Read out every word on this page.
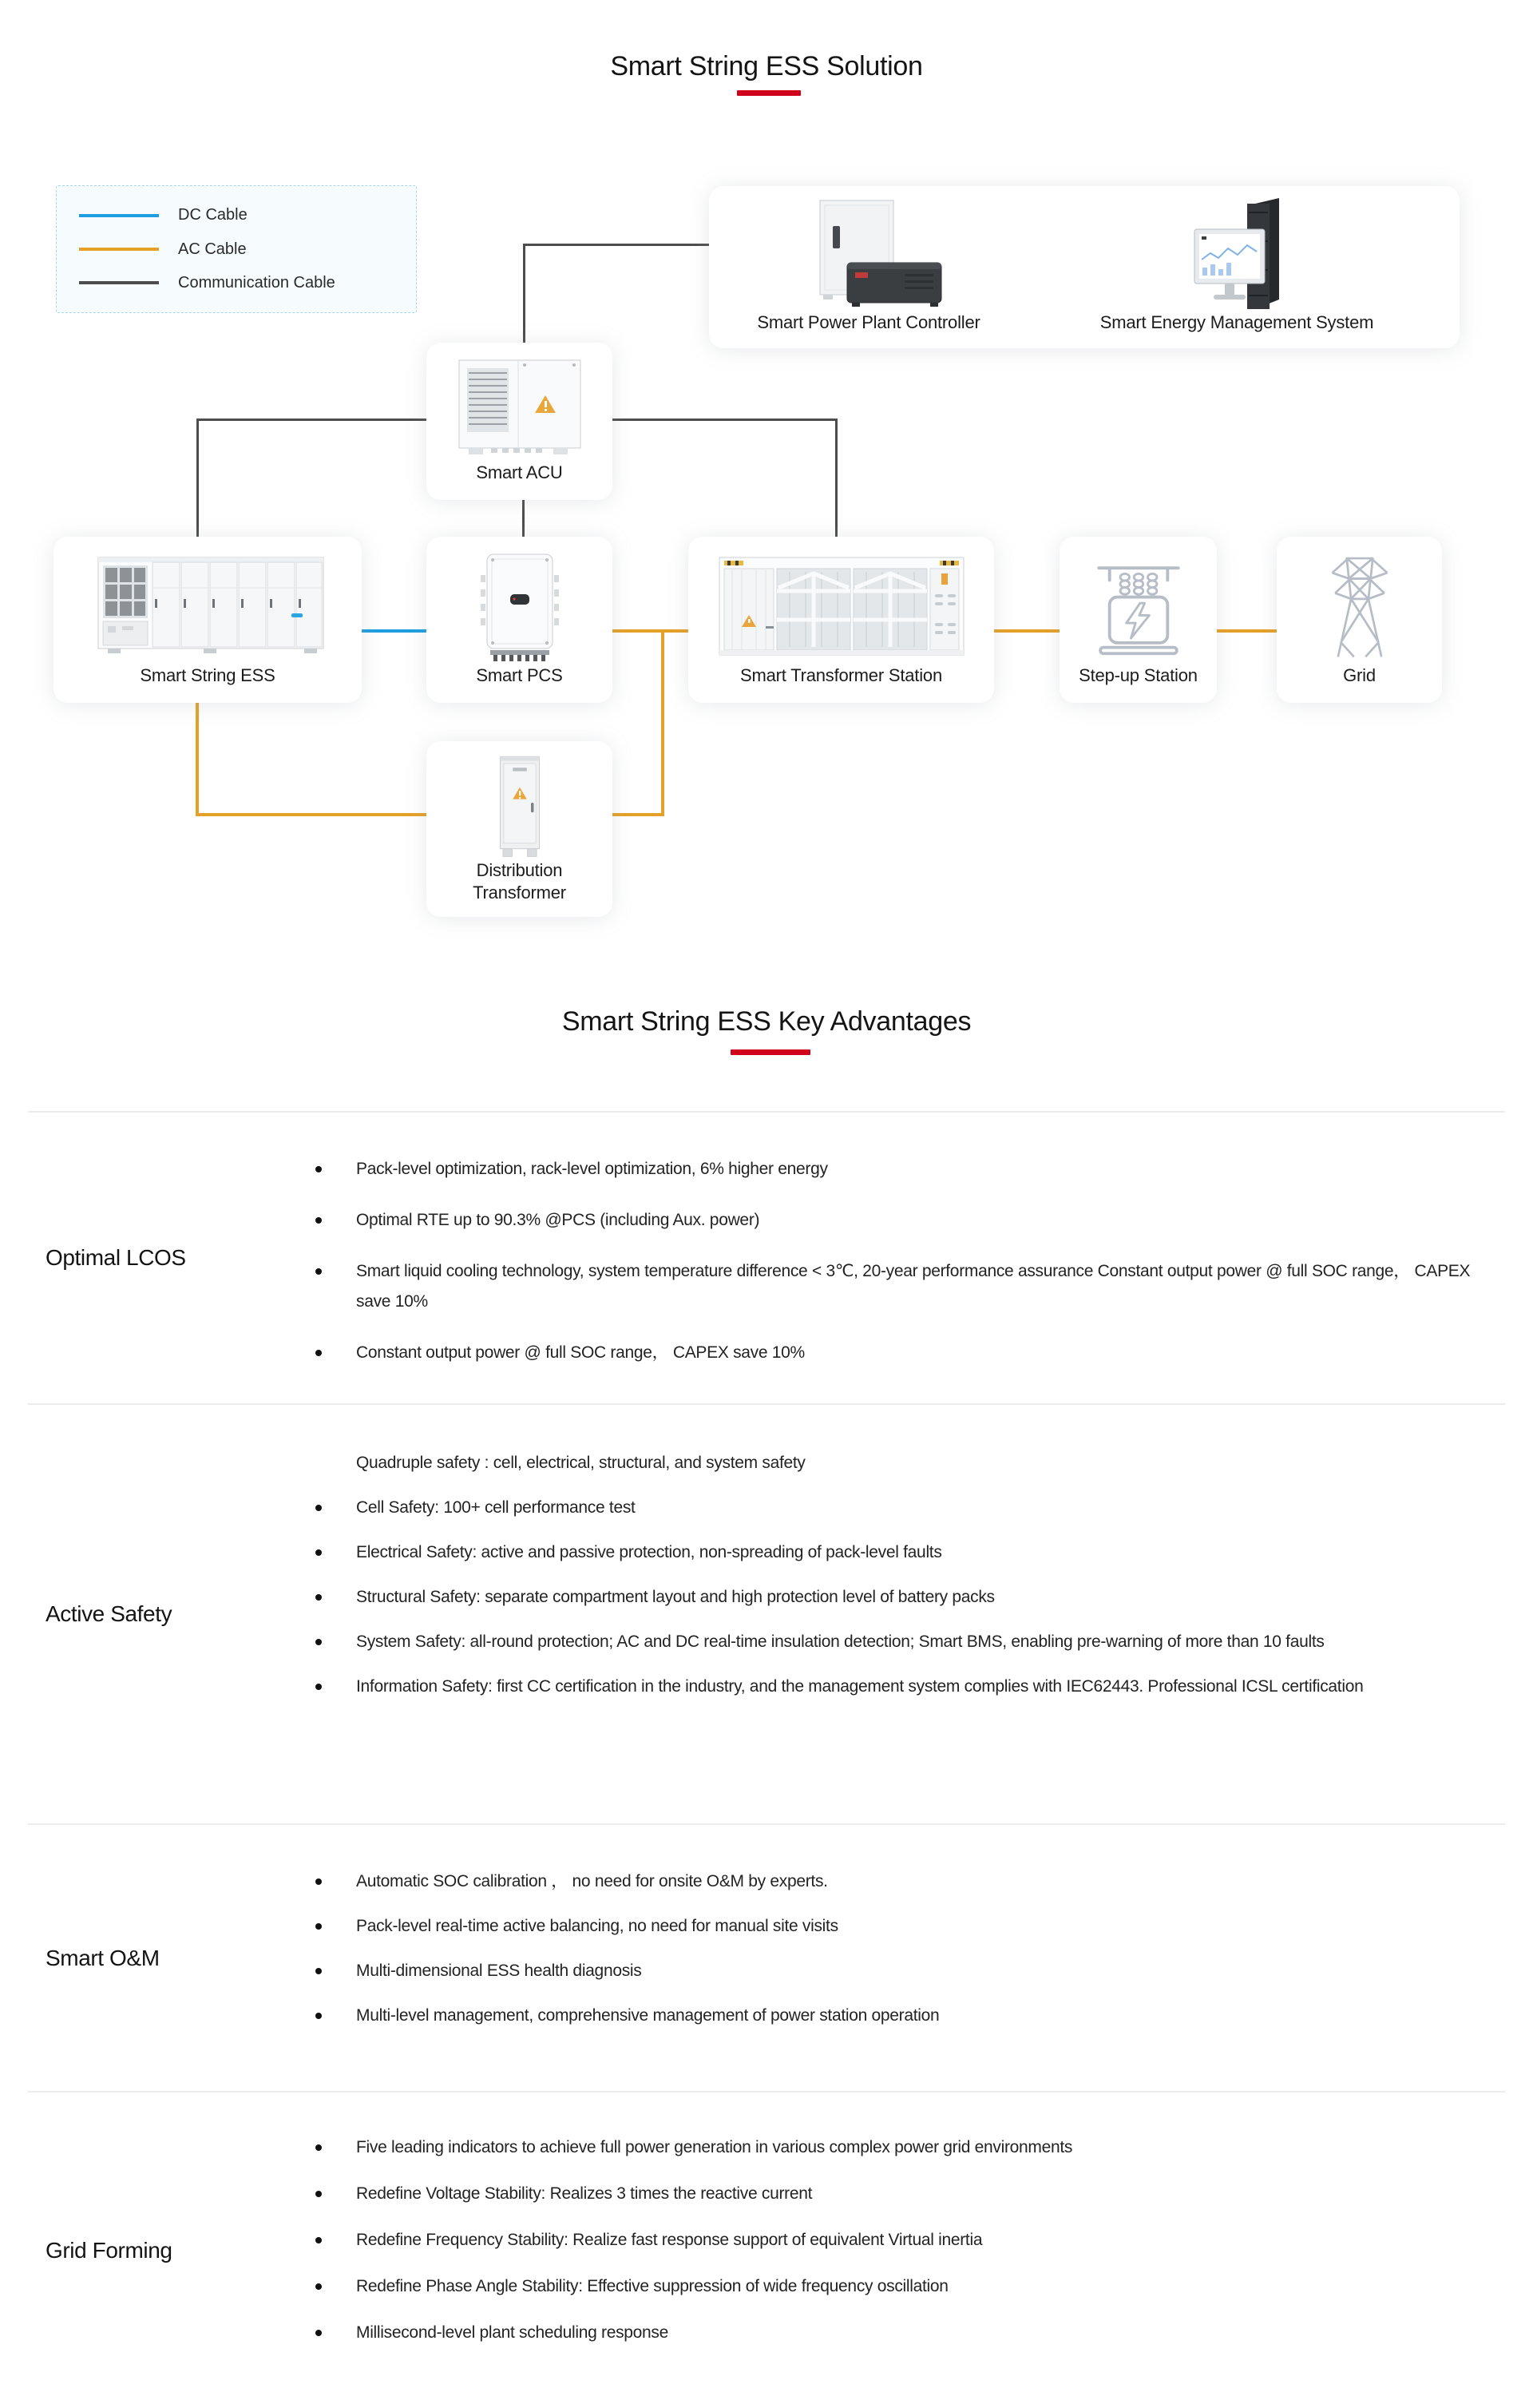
Smart String ESS Solution
DC Cable
AC Cable
Communication Cable
Smart Power Plant Controller	Smart Energy Management System
Smart ACU
Smart String ESS	Smart PCS	Smart Transformer Station	Step-up Station	Grid
Distribution Transformer
Smart String ESS Key Advantages
Optimal LCOS
Pack-level optimization, rack-level optimization, 6% higher energy
Optimal RTE up to 90.3% @PCS (including Aux. power)
Smart liquid cooling technology, system temperature difference < 3℃, 20-year performance assurance Constant output power @ full SOC range， CAPEX save 10%
Constant output power @ full SOC range， CAPEX save 10%
Active Safety

Quadruple safety : cell, electrical, structural, and system safety

Cell Safety: 100+ cell performance test
Electrical Safety: active and passive protection, non-spreading of pack-level faults
Structural Safety: separate compartment layout and high protection level of battery packs
System Safety: all-round protection; AC and DC real-time insulation detection; Smart BMS, enabling pre-warning of more than 10 faults
Information Safety: first CC certification in the industry, and the management system complies with IEC62443. Professional ICSL certification
Smart O&M
Automatic SOC calibration ， no need for onsite O&M by experts.
Pack-level real-time active balancing, no need for manual site visits
Multi-dimensional ESS health diagnosis
Multi-level management, comprehensive management of power station operation
Grid Forming
Five leading indicators to achieve full power generation in various complex power grid environments
Redefine Voltage Stability: Realizes 3 times the reactive current
Redefine Frequency Stability: Realize fast response support of equivalent Virtual inertia
Redefine Phase Angle Stability: Effective suppression of wide frequency oscillation
Millisecond-level plant scheduling response
